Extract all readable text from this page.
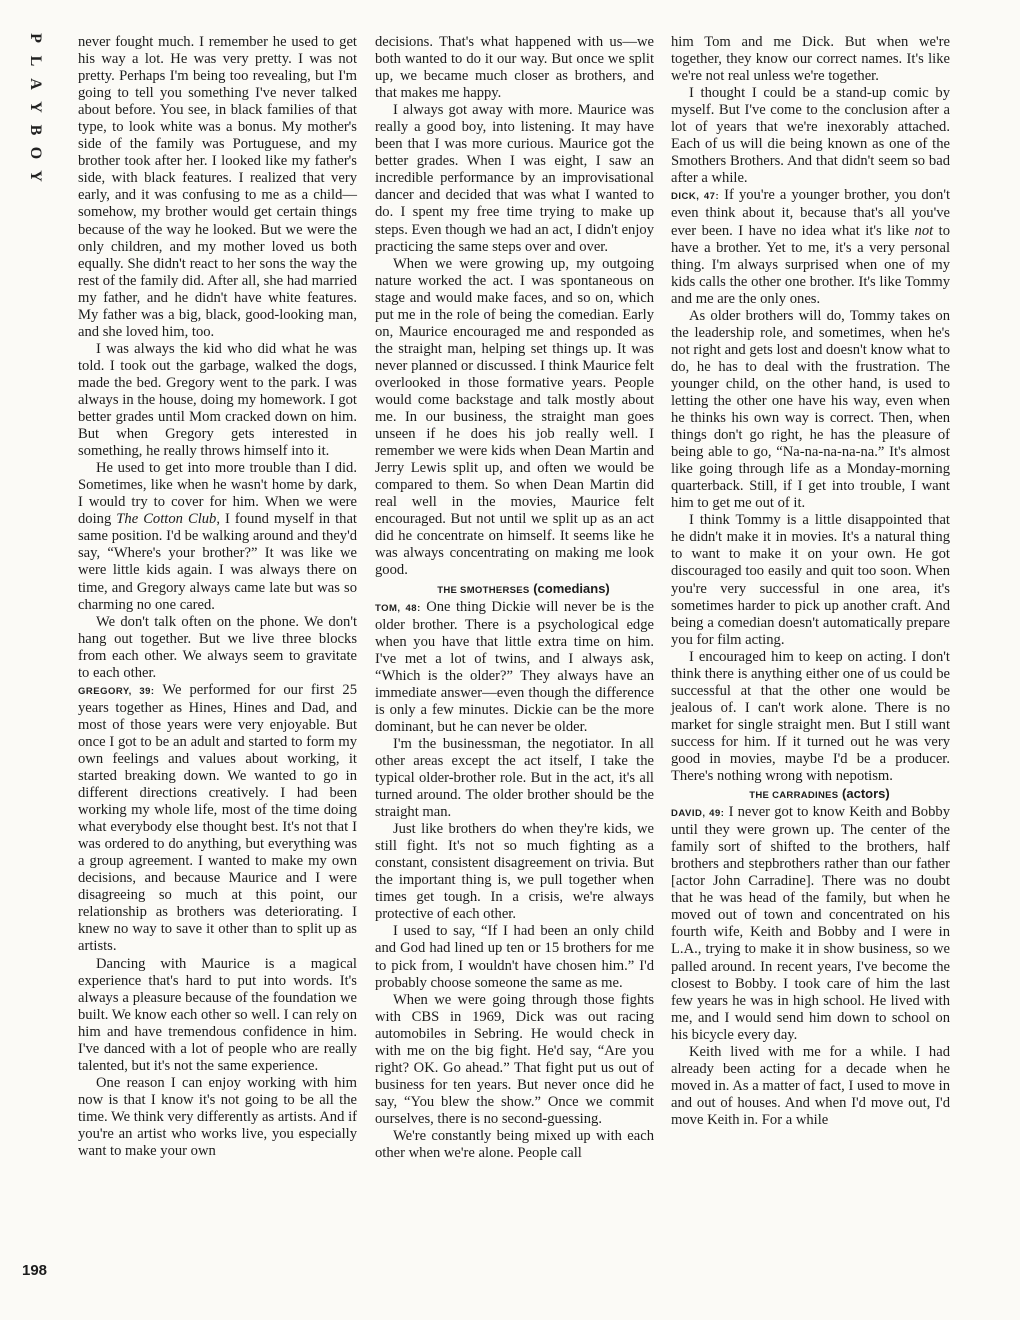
P
L
A
Y
B
O
Y

never fought much. I remember he used to get his way a lot. He was very pretty. I was not pretty. Perhaps I'm being too revealing, but I'm going to tell you something I've never talked about before. You see, in black families of that type, to look white was a bonus. My mother's side of the family was Portuguese, and my brother took after her. I looked like my father's side, with black features. I realized that very early, and it was confusing to me as a child—somehow, my brother would get certain things because of the way he looked. But we were the only children, and my mother loved us both equally. She didn't react to her sons the way the rest of the family did. After all, she had married my father, and he didn't have white features. My father was a big, black, good-looking man, and she loved him, too.

I was always the kid who did what he was told. I took out the garbage, walked the dogs, made the bed. Gregory went to the park. I was always in the house, doing my homework. I got better grades until Mom cracked down on him. But when Gregory gets interested in something, he really throws himself into it.

He used to get into more trouble than I did. Sometimes, like when he wasn't home by dark, I would try to cover for him. When we were doing The Cotton Club, I found myself in that same position. I'd be walking around and they'd say, “Where's your brother?” It was like we were little kids again. I was always there on time, and Gregory always came late but was so charming no one cared.

We don't talk often on the phone. We don't hang out together. But we live three blocks from each other. We always seem to gravitate to each other.

GREGORY, 39: We performed for our first 25 years together as Hines, Hines and Dad, and most of those years were very enjoyable. But once I got to be an adult and started to form my own feelings and values about working, it started breaking down. We wanted to go in different directions creatively. I had been working my whole life, most of the time doing what everybody else thought best. It's not that I was ordered to do anything, but everything was a group agreement. I wanted to make my own decisions, and because Maurice and I were disagreeing so much at this point, our relationship as brothers was deteriorating. I knew no way to save it other than to split up as artists.

Dancing with Maurice is a magical experience that's hard to put into words. It's always a pleasure because of the foundation we built. We know each other so well. I can rely on him and have tremendous confidence in him. I've danced with a lot of people who are really talented, but it's not the same experience.

One reason I can enjoy working with him now is that I know it's not going to be all the time. We think very differently as artists. And if you're an artist who works live, you especially want to make your own

decisions. That's what happened with us—we both wanted to do it our way. But once we split up, we became much closer as brothers, and that makes me happy.

I always got away with more. Maurice was really a good boy, into listening. It may have been that I was more curious. Maurice got the better grades. When I was eight, I saw an incredible performance by an improvisational dancer and decided that was what I wanted to do. I spent my free time trying to make up steps. Even though we had an act, I didn't enjoy practicing the same steps over and over.

When we were growing up, my outgoing nature worked the act. I was spontaneous on stage and would make faces, and so on, which put me in the role of being the comedian. Early on, Maurice encouraged me and responded as the straight man, helping set things up. It was never planned or discussed. I think Maurice felt overlooked in those formative years. People would come backstage and talk mostly about me. In our business, the straight man goes unseen if he does his job really well. I remember we were kids when Dean Martin and Jerry Lewis split up, and often we would be compared to them. So when Dean Martin did real well in the movies, Maurice felt encouraged. But not until we split up as an act did he concentrate on himself. It seems like he was always concentrating on making me look good.

THE SMOTHERSES (comedians)

TOM, 48: One thing Dickie will never be is the older brother. There is a psychological edge when you have that little extra time on him. I've met a lot of twins, and I always ask, “Which is the older?” They always have an immediate answer—even though the difference is only a few minutes. Dickie can be the more dominant, but he can never be older.

I'm the businessman, the negotiator. In all other areas except the act itself, I take the typical older-brother role. But in the act, it's all turned around. The older brother should be the straight man.

Just like brothers do when they're kids, we still fight. It's not so much fighting as a constant, consistent disagreement on trivia. But the important thing is, we pull together when times get tough. In a crisis, we're always protective of each other.

I used to say, “If I had been an only child and God had lined up ten or 15 brothers for me to pick from, I wouldn't have chosen him.” I'd probably choose someone the same as me.

When we were going through those fights with CBS in 1969, Dick was out racing automobiles in Sebring. He would check in with me on the big fight. He'd say, “Are you right? OK. Go ahead.” That fight put us out of business for ten years. But never once did he say, “You blew the show.” Once we commit ourselves, there is no second-guessing.

We're constantly being mixed up with each other when we're alone. People call

him Tom and me Dick. But when we're together, they know our correct names. It's like we're not real unless we're together.

I thought I could be a stand-up comic by myself. But I've come to the conclusion after a lot of years that we're inexorably attached. Each of us will die being known as one of the Smothers Brothers. And that didn't seem so bad after a while.

DICK, 47: If you're a younger brother, you don't even think about it, because that's all you've ever been. I have no idea what it's like not to have a brother. Yet to me, it's a very personal thing. I'm always surprised when one of my kids calls the other one brother. It's like Tommy and me are the only ones.

As older brothers will do, Tommy takes on the leadership role, and sometimes, when he's not right and gets lost and doesn't know what to do, he has to deal with the frustration. The younger child, on the other hand, is used to letting the other one have his way, even when he thinks his own way is correct. Then, when things don't go right, he has the pleasure of being able to go, “Na-na-na-na-na.” It's almost like going through life as a Monday-morning quarterback. Still, if I get into trouble, I want him to get me out of it.

I think Tommy is a little disappointed that he didn't make it in movies. It's a natural thing to want to make it on your own. He got discouraged too easily and quit too soon. When you're very successful in one area, it's sometimes harder to pick up another craft. And being a comedian doesn't automatically prepare you for film acting.

I encouraged him to keep on acting. I don't think there is anything either one of us could be successful at that the other one would be jealous of. I can't work alone. There is no market for single straight men. But I still want success for him. If it turned out he was very good in movies, maybe I'd be a producer. There's nothing wrong with nepotism.

THE CARRADINES (actors)

DAVID, 49: I never got to know Keith and Bobby until they were grown up. The center of the family sort of shifted to the brothers, half brothers and stepbrothers rather than our father [actor John Carradine]. There was no doubt that he was head of the family, but when he moved out of town and concentrated on his fourth wife, Keith and Bobby and I were in L.A., trying to make it in show business, so we palled around. In recent years, I've become the closest to Bobby. I took care of him the last few years he was in high school. He lived with me, and I would send him down to school on his bicycle every day.

Keith lived with me for a while. I had already been acting for a decade when he moved in. As a matter of fact, I used to move in and out of houses. And when I'd move out, I'd move Keith in. For a while

198
